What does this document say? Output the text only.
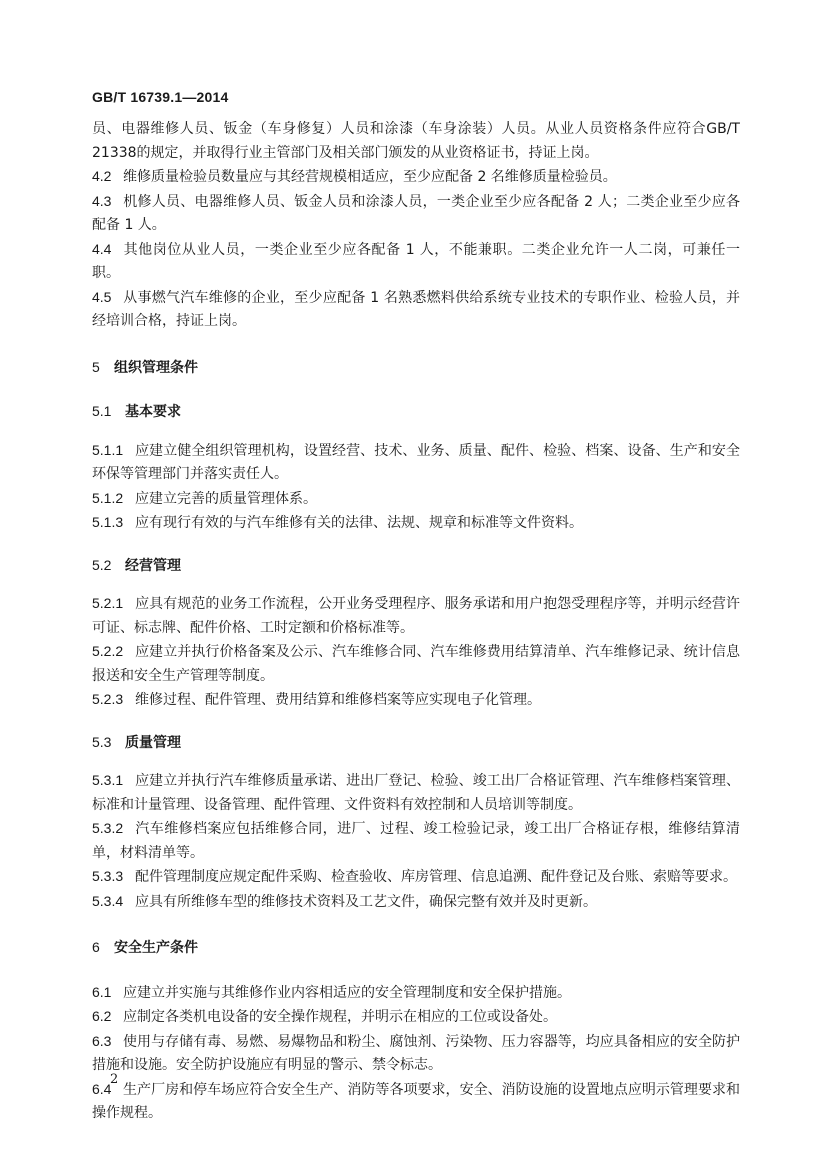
GB/T 16739.1—2014

员、电器维修人员、钣金（车身修复）人员和涂漆（车身涂装）人员。从业人员资格条件应符合GB/T 21338的规定，并取得行业主管部门及相关部门颁发的从业资格证书，持证上岗。

4.2 维修质量检验员数量应与其经营规模相适应，至少应配备 2 名维修质量检验员。

4.3 机修人员、电器维修人员、钣金人员和涂漆人员，一类企业至少应各配备 2 人；二类企业至少应各配备 1 人。

4.4 其他岗位从业人员，一类企业至少应各配备 1 人，不能兼职。二类企业允许一人二岗，可兼任一职。

4.5 从事燃气汽车维修的企业，至少应配备 1 名熟悉燃料供给系统专业技术的专职作业、检验人员，并经培训合格，持证上岗。

5 组织管理条件

5.1 基本要求

5.1.1 应建立健全组织管理机构，设置经营、技术、业务、质量、配件、检验、档案、设备、生产和安全环保等管理部门并落实责任人。

5.1.2 应建立完善的质量管理体系。

5.1.3 应有现行有效的与汽车维修有关的法律、法规、规章和标准等文件资料。

5.2 经营管理

5.2.1 应具有规范的业务工作流程，公开业务受理程序、服务承诺和用户抱怨受理程序等，并明示经营许可证、标志牌、配件价格、工时定额和价格标准等。

5.2.2 应建立并执行价格备案及公示、汽车维修合同、汽车维修费用结算清单、汽车维修记录、统计信息报送和安全生产管理等制度。

5.2.3 维修过程、配件管理、费用结算和维修档案等应实现电子化管理。

5.3 质量管理

5.3.1 应建立并执行汽车维修质量承诺、进出厂登记、检验、竣工出厂合格证管理、汽车维修档案管理、标准和计量管理、设备管理、配件管理、文件资料有效控制和人员培训等制度。

5.3.2 汽车维修档案应包括维修合同，进厂、过程、竣工检验记录，竣工出厂合格证存根，维修结算清单，材料清单等。

5.3.3 配件管理制度应规定配件采购、检查验收、库房管理、信息追溯、配件登记及台账、索赔等要求。

5.3.4 应具有所维修车型的维修技术资料及工艺文件，确保完整有效并及时更新。

6 安全生产条件

6.1 应建立并实施与其维修作业内容相适应的安全管理制度和安全保护措施。

6.2 应制定各类机电设备的安全操作规程，并明示在相应的工位或设备处。

6.3 使用与存储有毒、易燃、易爆物品和粉尘、腐蚀剂、污染物、压力容器等，均应具备相应的安全防护措施和设施。安全防护设施应有明显的警示、禁令标志。

6.4 生产厂房和停车场应符合安全生产、消防等各项要求，安全、消防设施的设置地点应明示管理要求和操作规程。

2
